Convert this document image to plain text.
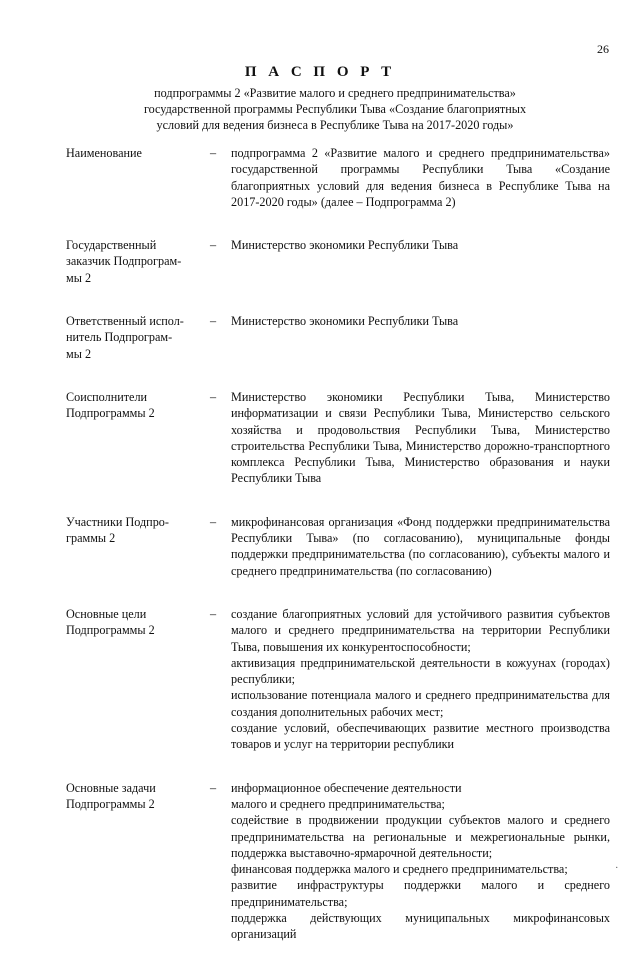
26
П А С П О Р Т
подпрограммы 2 «Развитие малого и среднего предпринимательства»
государственной программы Республики Тыва «Создание благоприятных
условий для ведения бизнеса в Республике Тыва на 2017-2020 годы»
Наименование	–	подпрограмма 2 «Развитие малого и среднего предпринимательства» государственной программы Республики Тыва «Создание благоприятных условий для ведения бизнеса в Республике Тыва на 2017-2020 годы» (далее – Подпрограмма 2)

Государственный
заказчик Подпрограм-
мы 2
–	Министерство экономики Республики Тыва

Ответственный испол-
нитель Подпрограм-
мы 2
–	Министерство экономики Республики Тыва

Соисполнители
Подпрограммы 2
–	Министерство экономики Республики Тыва, Министерство информатизации и связи Республики Тыва, Министерство сельского хозяйства и продовольствия Республики Тыва, Министерство строительства Республики Тыва, Министерство дорожно-транспортного комплекса Республики Тыва, Министерство образования и науки Республики Тыва

Участники Подпро-
граммы 2
–	микрофинансовая организация «Фонд поддержки предпринимательства Республики Тыва» (по согласованию), муниципальные фонды поддержки предпринимательства (по согласованию), субъекты малого и среднего предпринимательства (по согласованию)

Основные цели
Подпрограммы 2
–	создание благоприятных условий для устойчивого развития субъектов малого и среднего предпринимательства на территории Республики Тыва, повышения их конкурентоспособности;

активизация предпринимательской деятельности в кожуунах (городах) республики;

использование потенциала малого и среднего предпринимательства для создания дополнительных рабочих мест;

создание условий, обеспечивающих развитие местного производства товаров и услуг на территории республики

Основные задачи
Подпрограммы 2
–	информационное обеспечение деятельности

малого и среднего предпринимательства;

содействие в продвижении продукции субъектов малого и среднего предпринимательства на региональные и межрегиональные рынки, поддержка выставочно-ярмарочной деятельности;

финансовая поддержка малого и среднего предпринимательства;

развитие инфраструктуры поддержки малого и среднего предпринимательства;

поддержка действующих муниципальных микрофинансовых организаций

.
